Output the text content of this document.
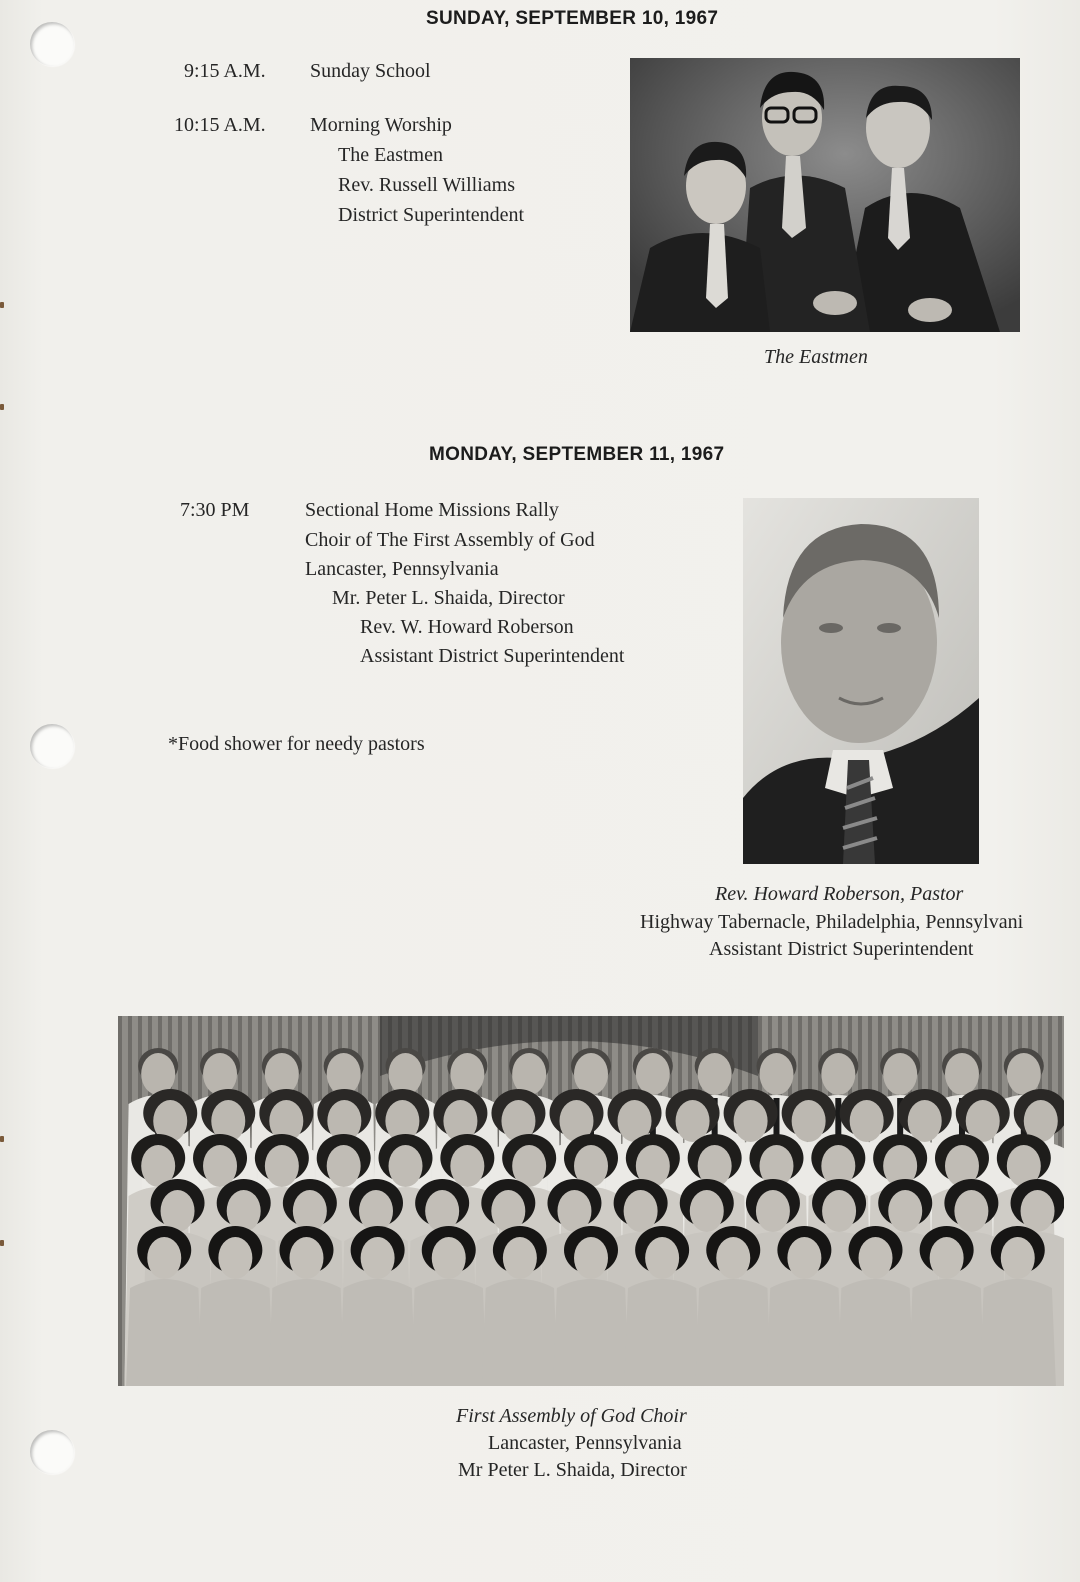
SUNDAY, SEPTEMBER 10, 1967
9:15 A.M. Sunday School
10:15 A.M. Morning Worship
The Eastmen
Rev. Russell Williams
District Superintendent
The Eastmen
MONDAY, SEPTEMBER 11, 1967
7:30 PM	Sectional Home Missions Rally
Choir of The First Assembly of God
Lancaster, Pennsylvania
Mr. Peter L. Shaida, Director
Rev. W. Howard Roberson
Assistant District Superintendent
*Food shower for needy pastors
Rev. Howard Roberson, Pastor
Highway Tabernacle, Philadelphia, Pennsylvani
Assistant District Superintendent
First Assembly of God Choir
Lancaster, Pennsylvania
Mr Peter L. Shaida, Director
